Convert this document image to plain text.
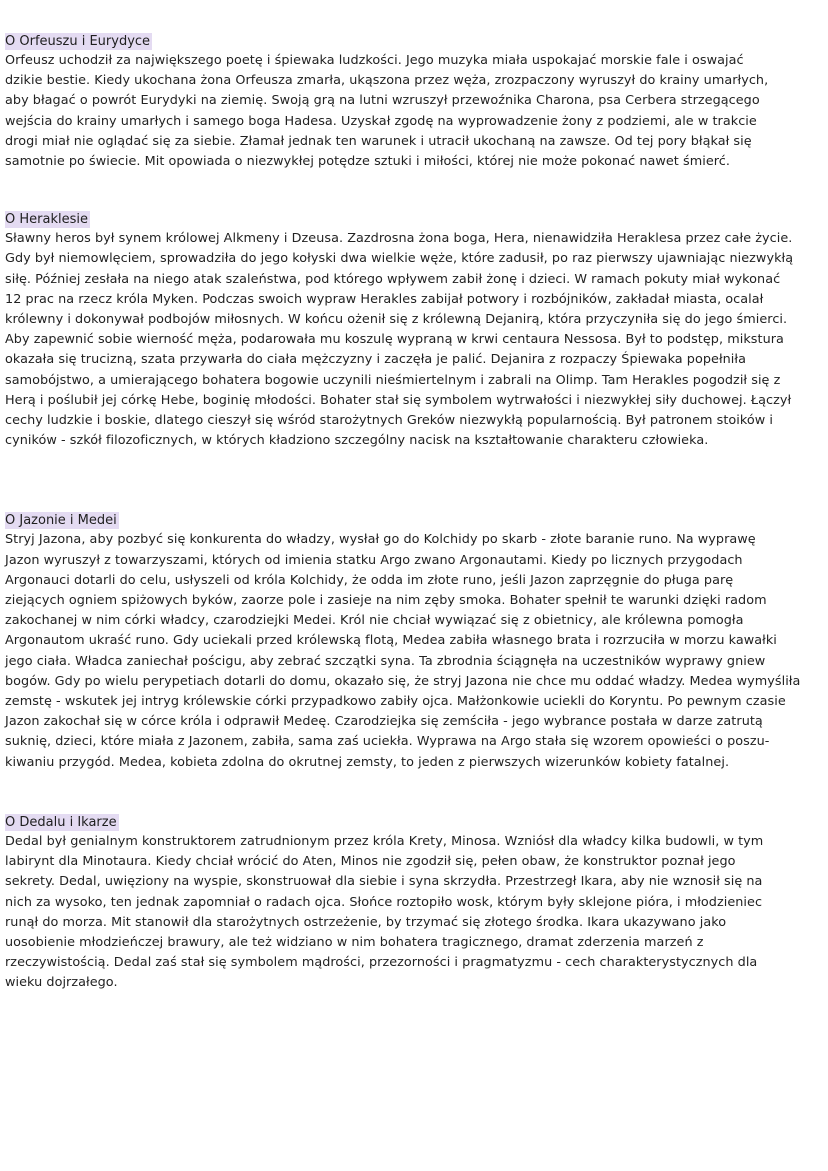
O Orfeuszu i Eurydyce

Orfeusz uchodził za największego poetę i śpiewaka ludzkości. Jego muzyka miała uspokajać morskie fale i oswajać
dzikie bestie. Kiedy ukochana żona Orfeusza zmarła, ukąszona przez węża, zrozpaczony wyruszył do krainy umarłych,
aby błagać o powrót Eurydyki na ziemię. Swoją grą na lutni wzruszył przewoźnika Charona, psa Cerbera strzegącego
wejścia do krainy umarłych i samego boga Hadesa. Uzyskał zgodę na wyprowadzenie żony z podziemi, ale w trakcie
drogi miał nie oglądać się za siebie. Złamał jednak ten warunek i utracił ukochaną na zawsze. Od tej pory błąkał się
samotnie po świecie. Mit opowiada o niezwykłej potędze sztuki i miłości, której nie może pokonać nawet śmierć.

O Heraklesie

Sławny heros był synem królowej Alkmeny i Dzeusa. Zazdrosna żona boga, Hera, nienawidziła Heraklesa przez całe życie.
Gdy był niemowlęciem, sprowadziła do jego kołyski dwa wielkie węże, które zadusił, po raz pierwszy ujawniając niezwykłą
siłę. Później zesłała na niego atak szaleństwa, pod którego wpływem zabił żonę i dzieci. W ramach pokuty miał wykonać
12 prac na rzecz króla Myken. Podczas swoich wypraw Herakles zabijał potwory i rozbójników, zakładał miasta, ocalał
królewny i dokonywał podbojów miłosnych. W końcu ożenił się z królewną Dejanirą, która przyczyniła się do jego śmierci.
Aby zapewnić sobie wierność męża, podarowała mu koszulę wypraną w krwi centaura Nessosa. Był to podstęp, mikstura
okazała się trucizną, szata przywarła do ciała mężczyzny i zaczęła je palić. Dejanira z rozpaczy Śpiewaka popełniła
samobójstwo, a umierającego bohatera bogowie uczynili nieśmiertelnym i zabrali na Olimp. Tam Herakles pogodził się z
Herą i poślubił jej córkę Hebe, boginię młodości. Bohater stał się symbolem wytrwałości i niezwykłej siły duchowej. Łączył
cechy ludzkie i boskie, dlatego cieszył się wśród starożytnych Greków niezwykłą popularnością. Był patronem stoików i
cyników - szkół filozoficznych, w których kładziono szczególny nacisk na kształtowanie charakteru człowieka.

O Jazonie i Medei

Stryj Jazona, aby pozbyć się konkurenta do władzy, wysłał go do Kolchidy po skarb - złote baranie runo. Na wyprawę
Jazon wyruszył z towarzyszami, których od imienia statku Argo zwano Argonautami. Kiedy po licznych przygodach
Argonauci dotarli do celu, usłyszeli od króla Kolchidy, że odda im złote runo, jeśli Jazon zaprzęgnie do pługa parę
ziejących ogniem spiżowych byków, zaorze pole i zasieje na nim zęby smoka. Bohater spełnił te warunki dzięki radom
zakochanej w nim córki władcy, czarodziejki Medei. Król nie chciał wywiązać się z obietnicy, ale królewna pomogła
Argonautom ukraść runo. Gdy uciekali przed królewską flotą, Medea zabiła własnego brata i rozrzuciła w morzu kawałki
jego ciała. Władca zaniechał pościgu, aby zebrać szczątki syna. Ta zbrodnia ściągnęła na uczestników wyprawy gniew
bogów. Gdy po wielu perypetiach dotarli do domu, okazało się, że stryj Jazona nie chce mu oddać władzy. Medea wymyśliła
zemstę - wskutek jej intryg królewskie córki przypadkowo zabiły ojca. Małżonkowie uciekli do Koryntu. Po pewnym czasie
Jazon zakochał się w córce króla i odprawił Medeę. Czarodziejka się zemściła - jego wybrance postała w darze zatrutą
suknię, dzieci, które miała z Jazonem, zabiła, sama zaś uciekła. Wyprawa na Argo stała się wzorem opowieści o poszu-
kiwaniu przygód. Medea, kobieta zdolna do okrutnej zemsty, to jeden z pierwszych wizerunków kobiety fatalnej.

O Dedalu i Ikarze

Dedal był genialnym konstruktorem zatrudnionym przez króla Krety, Minosa. Wzniósł dla władcy kilka budowli, w tym
labirynt dla Minotaura. Kiedy chciał wrócić do Aten, Minos nie zgodził się, pełen obaw, że konstruktor poznał jego
sekrety. Dedal, uwięziony na wyspie, skonstruował dla siebie i syna skrzydła. Przestrzegł Ikara, aby nie wznosił się na
nich za wysoko, ten jednak zapomniał o radach ojca. Słońce roztopiło wosk, którym były sklejone pióra, i młodzieniec
runął do morza. Mit stanowił dla starożytnych ostrzeżenie, by trzymać się złotego środka. Ikara ukazywano jako
uosobienie młodzieńczej brawury, ale też widziano w nim bohatera tragicznego, dramat zderzenia marzeń z
rzeczywistością. Dedal zaś stał się symbolem mądrości, przezorności i pragmatyzmu - cech charakterystycznych dla
wieku dojrzałego.
